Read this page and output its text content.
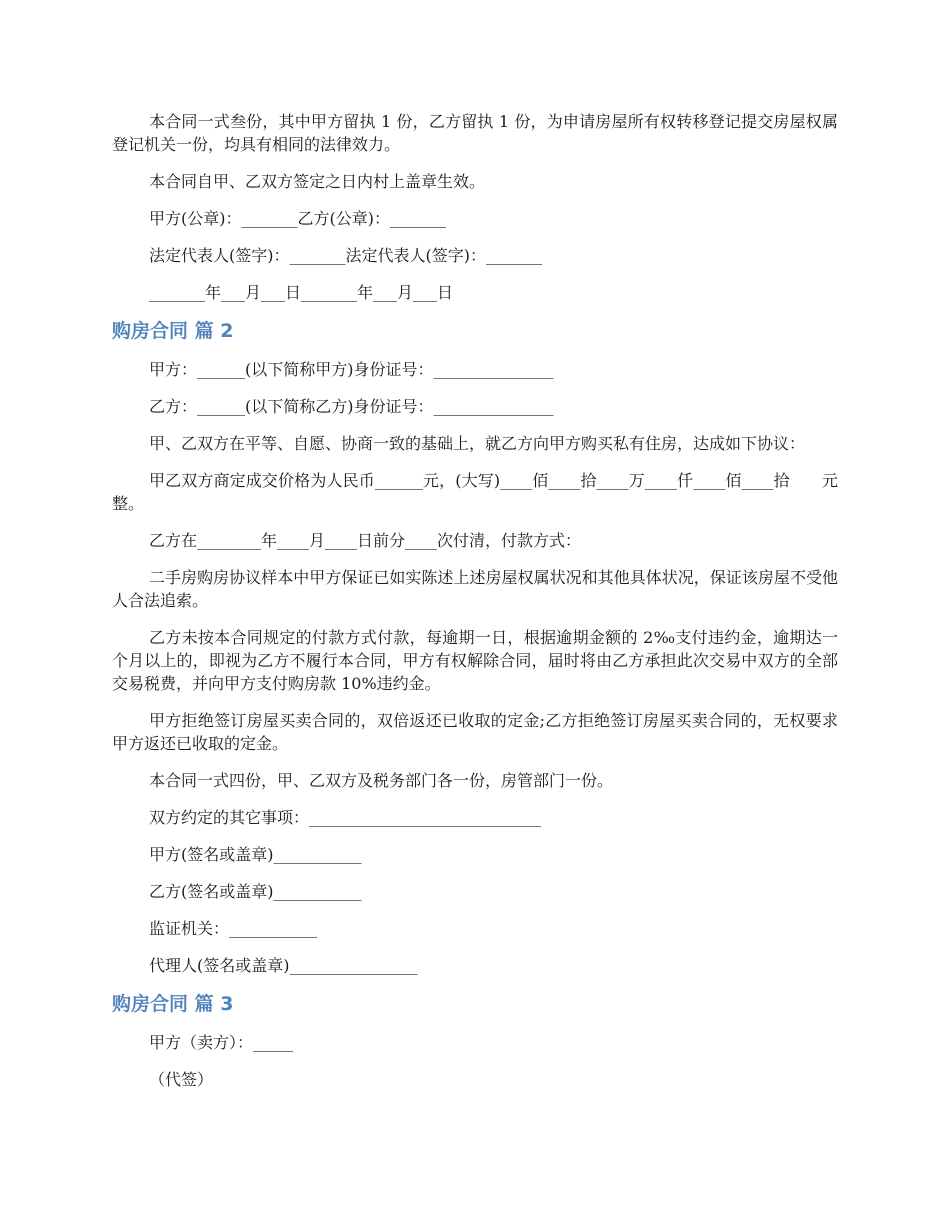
本合同一式叁份，其中甲方留执 1 份，乙方留执 1 份，为申请房屋所有权转移登记提交房屋权属登记机关一份，均具有相同的法律效力。

本合同自甲、乙双方签定之日内村上盖章生效。

甲方(公章)：_______乙方(公章)：_______

法定代表人(签字)：_______法定代表人(签字)：_______

_______年___月___日_______年___月___日

购房合同 篇 2

甲方：______(以下简称甲方)身份证号：_______________

乙方：______(以下简称乙方)身份证号：_______________

甲、乙双方在平等、自愿、协商一致的基础上，就乙方向甲方购买私有住房，达成如下协议：

甲乙双方商定成交价格为人民币______元，(大写)____佰____拾____万____仟____佰____拾　　元整。

乙方在________年____月____日前分____次付清，付款方式：

二手房购房协议样本中甲方保证已如实陈述上述房屋权属状况和其他具体状况，保证该房屋不受他人合法追索。

乙方未按本合同规定的付款方式付款，每逾期一日，根据逾期金额的 2‰支付违约金，逾期达一个月以上的，即视为乙方不履行本合同，甲方有权解除合同，届时将由乙方承担此次交易中双方的全部交易税费，并向甲方支付购房款 10%违约金。

甲方拒绝签订房屋买卖合同的，双倍返还已收取的定金;乙方拒绝签订房屋买卖合同的，无权要求甲方返还已收取的定金。

本合同一式四份，甲、乙双方及税务部门各一份，房管部门一份。

双方约定的其它事项：_____________________________

甲方(签名或盖章)___________

乙方(签名或盖章)___________

监证机关：___________

代理人(签名或盖章)________________

购房合同 篇 3

甲方（卖方）：_____

（代签）
